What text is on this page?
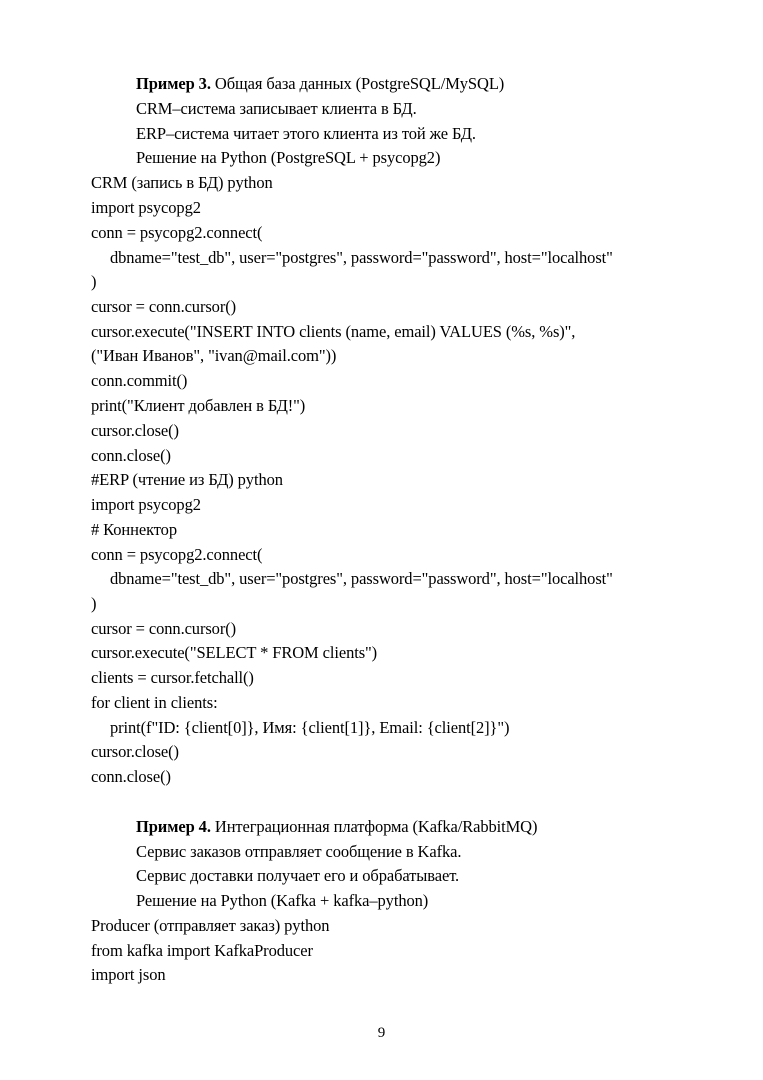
Пример 3. Общая база данных (PostgreSQL/MySQL)
CRM–система записывает клиента в БД.
ERP–система читает этого клиента из той же БД.
Решение на Python (PostgreSQL + psycopg2)
CRM (запись в БД) python
import psycopg2
conn = psycopg2.connect(
dbname="test_db", user="postgres", password="password", host="localhost"
)
cursor = conn.cursor()
cursor.execute("INSERT INTO clients (name, email) VALUES (%s, %s)",
("Иван Иванов", "ivan@mail.com"))
conn.commit()
print("Клиент добавлен в БД!")
cursor.close()
conn.close()
#ERP (чтение из БД) python
import psycopg2
# Коннектор
conn = psycopg2.connect(
dbname="test_db", user="postgres", password="password", host="localhost"
)
cursor = conn.cursor()
cursor.execute("SELECT * FROM clients")
clients = cursor.fetchall()
for client in clients:
print(f"ID: {client[0]}, Имя: {client[1]}, Email: {client[2]}")
cursor.close()
conn.close()
Пример 4. Интеграционная платформа (Kafka/RabbitMQ)
Сервис заказов отправляет сообщение в Kafka.
Сервис доставки получает его и обрабатывает.
Решение на Python (Kafka + kafka–python)
Producer (отправляет заказ) python
from kafka import KafkaProducer
import json
9
